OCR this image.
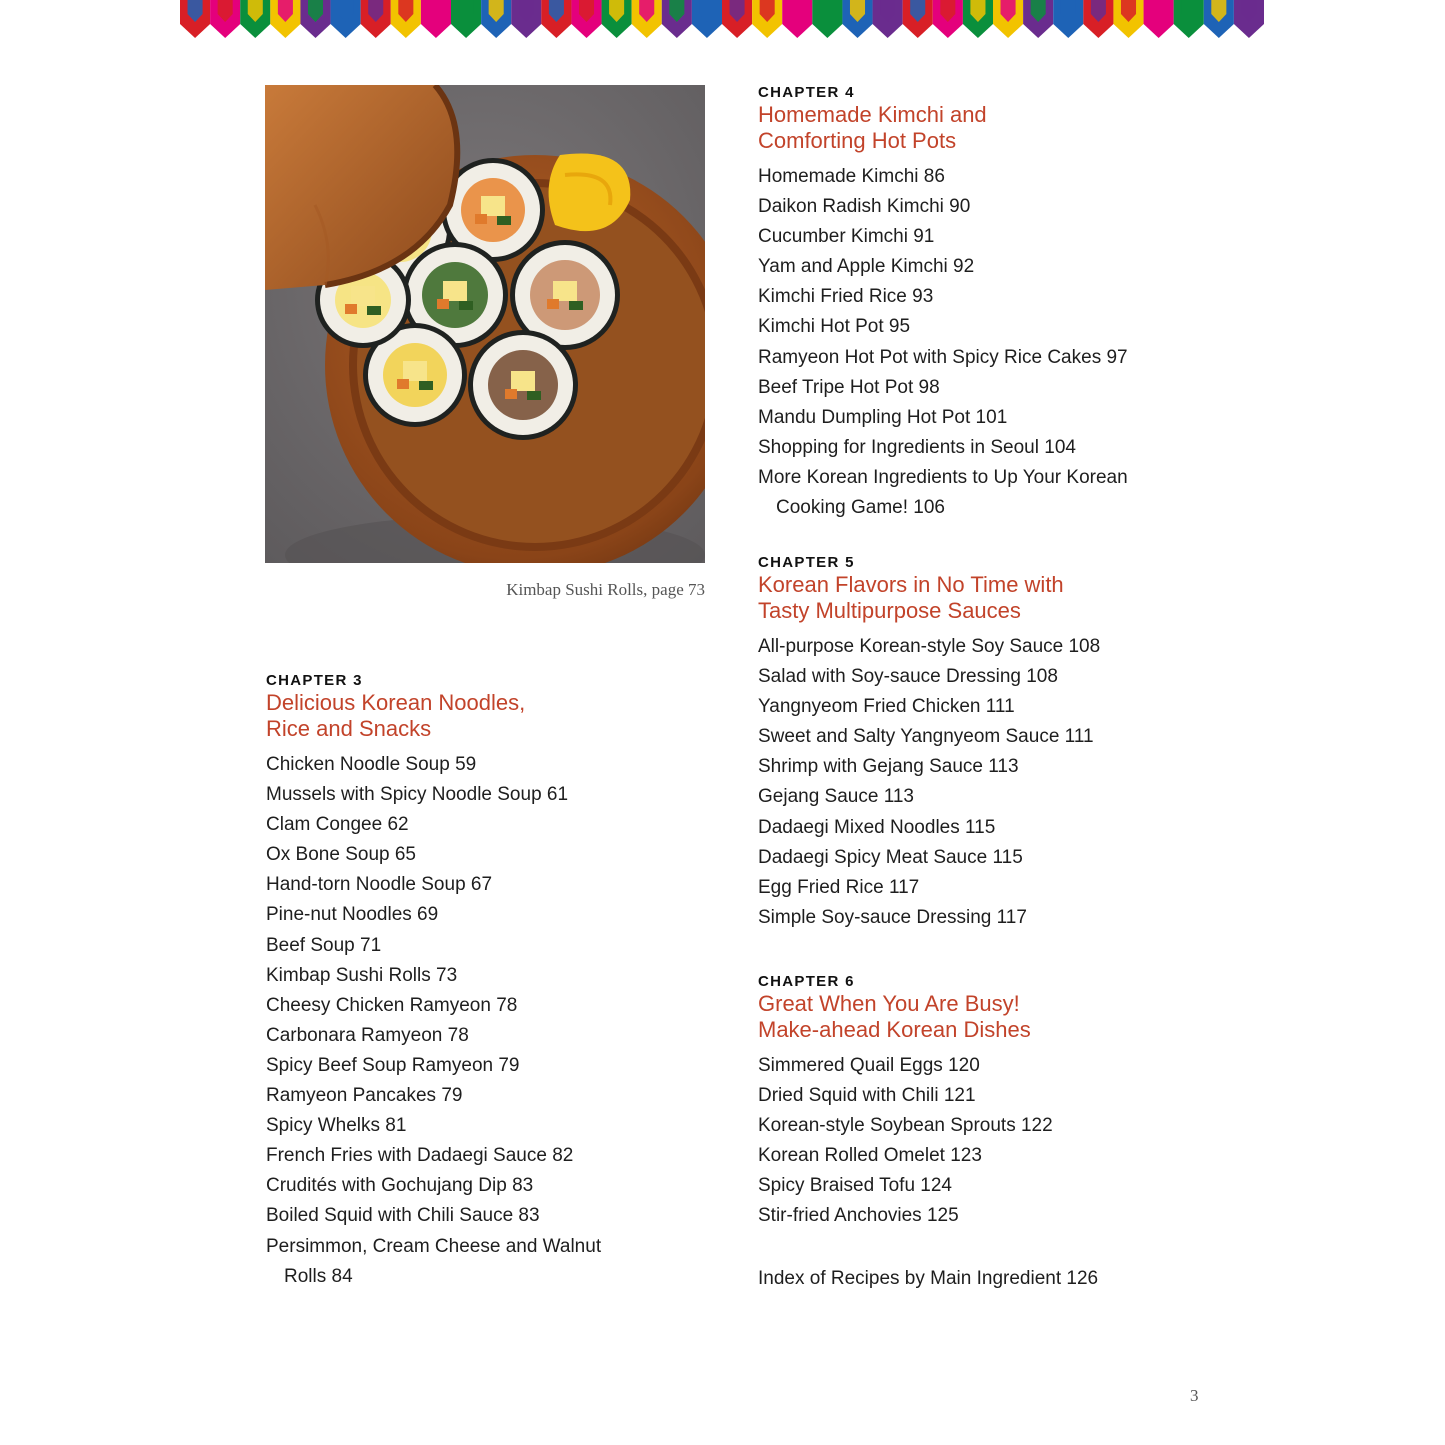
Kimbap Sushi Rolls, page 73
CHAPTER 3
Delicious Korean Noodles,
Rice and Snacks
Chicken Noodle Soup 59
Mussels with Spicy Noodle Soup 61
Clam Congee 62
Ox Bone Soup 65
Hand-torn Noodle Soup 67
Pine-nut Noodles 69
Beef Soup 71
Kimbap Sushi Rolls 73
Cheesy Chicken Ramyeon 78
Carbonara Ramyeon 78
Spicy Beef Soup Ramyeon 79
Ramyeon Pancakes 79
Spicy Whelks 81
French Fries with Dadaegi Sauce 82
Crudités with Gochujang Dip 83
Boiled Squid with Chili Sauce 83
Persimmon, Cream Cheese and Walnut
Rolls 84
CHAPTER 4
Homemade Kimchi and
Comforting Hot Pots
Homemade Kimchi 86
Daikon Radish Kimchi 90
Cucumber Kimchi 91
Yam and Apple Kimchi 92
Kimchi Fried Rice 93
Kimchi Hot Pot 95
Ramyeon Hot Pot with Spicy Rice Cakes 97
Beef Tripe Hot Pot 98
Mandu Dumpling Hot Pot 101
Shopping for Ingredients in Seoul 104
More Korean Ingredients to Up Your Korean
Cooking Game! 106
CHAPTER 5
Korean Flavors in No Time with
Tasty Multipurpose Sauces
All-purpose Korean-style Soy Sauce 108
Salad with Soy-sauce Dressing 108
Yangnyeom Fried Chicken 111
Sweet and Salty Yangnyeom Sauce 111
Shrimp with Gejang Sauce 113
Gejang Sauce 113
Dadaegi Mixed Noodles 115
Dadaegi Spicy Meat Sauce 115
Egg Fried Rice 117
Simple Soy-sauce Dressing 117
CHAPTER 6
Great When You Are Busy!
Make-ahead Korean Dishes
Simmered Quail Eggs 120
Dried Squid with Chili 121
Korean-style Soybean Sprouts 122
Korean Rolled Omelet 123
Spicy Braised Tofu 124
Stir-fried Anchovies 125
Index of Recipes by Main Ingredient 126
3
